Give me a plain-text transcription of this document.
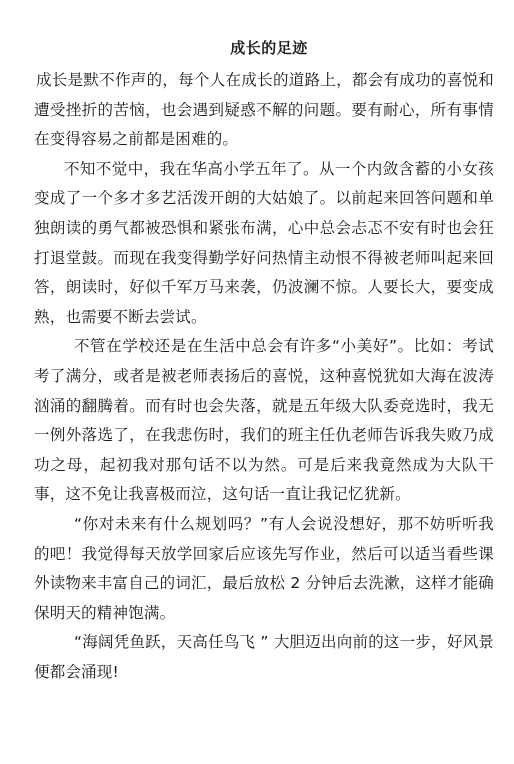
成长的足迹

成长是默不作声的，每个人在成长的道路上，都会有成功的喜悦和遭受挫折的苦恼，也会遇到疑惑不解的问题。要有耐心，所有事情在变得容易之前都是困难的。

不知不觉中，我在华高小学五年了。从一个内敛含蓄的小女孩变成了一个多才多艺活泼开朗的大姑娘了。以前起来回答问题和单独朗读的勇气都被恐惧和紧张布满，心中总会忐忑不安有时也会狂打退堂鼓。而现在我变得勤学好问热情主动恨不得被老师叫起来回答，朗读时，好似千军万马来袭，仍波澜不惊。人要长大，要变成熟，也需要不断去尝试。

不管在学校还是在生活中总会有许多“小美好”。比如：考试考了满分，或者是被老师表扬后的喜悦，这种喜悦犹如大海在波涛汹涌的翻腾着。而有时也会失落，就是五年级大队委竞选时，我无一例外落选了，在我悲伤时，我们的班主任仇老师告诉我失败乃成功之母，起初我对那句话不以为然。可是后来我竟然成为大队干事，这不免让我喜极而泣，这句话一直让我记忆犹新。

“你对未来有什么规划吗？”有人会说没想好，那不妨听听我的吧！我觉得每天放学回家后应该先写作业，然后可以适当看些课外读物来丰富自己的词汇，最后放松 2 分钟后去洗漱，这样才能确保明天的精神饱满。

“海阔凭鱼跃，天高任鸟飞 ” 大胆迈出向前的这一步，好风景便都会涌现!
